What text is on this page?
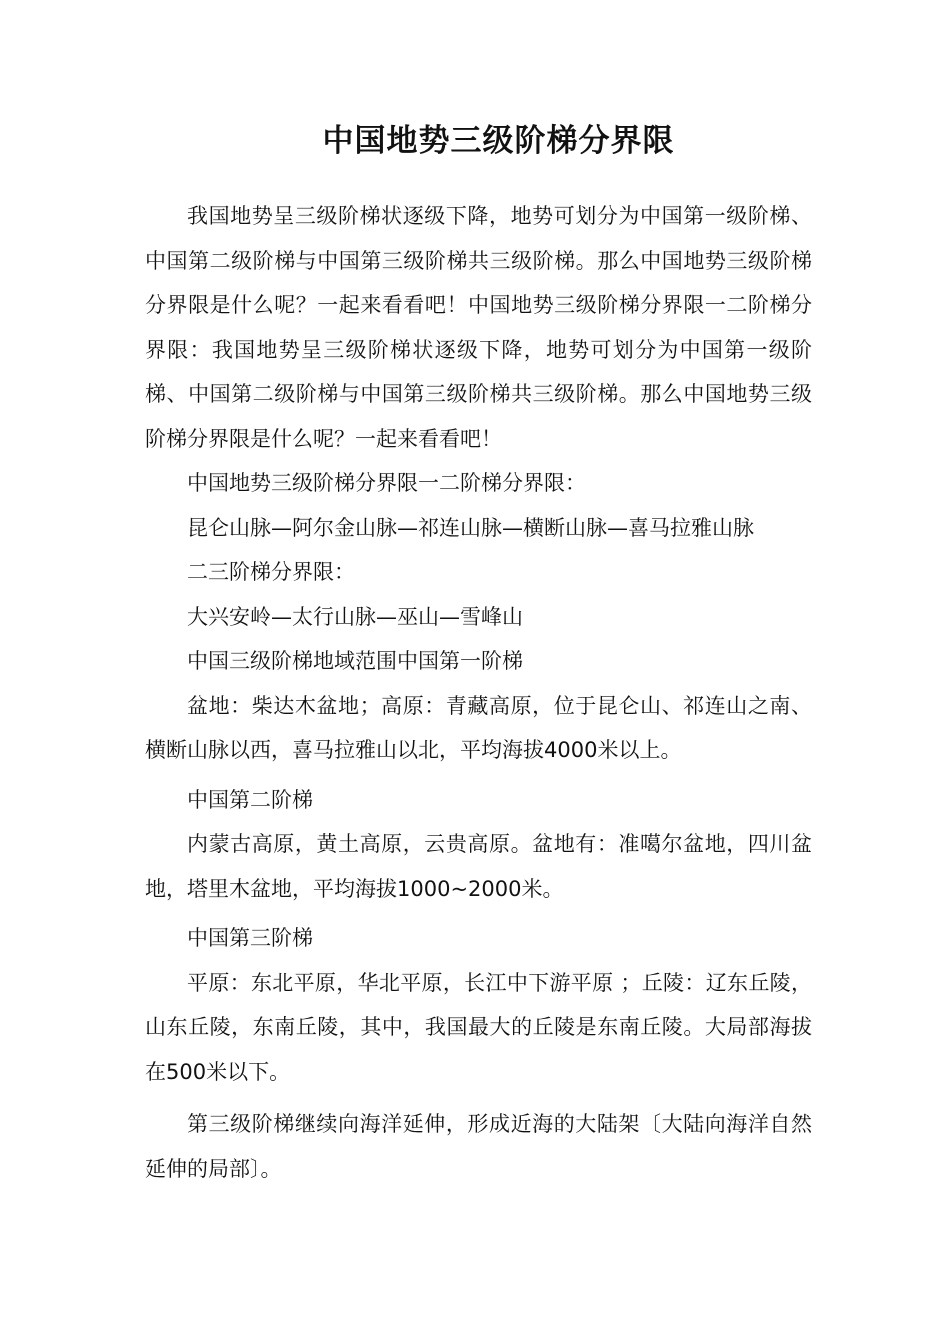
中国地势三级阶梯分界限

我国地势呈三级阶梯状逐级下降，地势可划分为中国第一级阶梯、中国第二级阶梯与中国第三级阶梯共三级阶梯。那么中国地势三级阶梯分界限是什么呢？一起来看看吧！中国地势三级阶梯分界限一二阶梯分界限：我国地势呈三级阶梯状逐级下降，地势可划分为中国第一级阶梯、中国第二级阶梯与中国第三级阶梯共三级阶梯。那么中国地势三级阶梯分界限是什么呢？一起来看看吧！

中国地势三级阶梯分界限一二阶梯分界限：

昆仑山脉—阿尔金山脉—祁连山脉—横断山脉—喜马拉雅山脉

二三阶梯分界限：

大兴安岭—太行山脉—巫山—雪峰山

中国三级阶梯地域范围中国第一阶梯

盆地：柴达木盆地；高原：青藏高原，位于昆仑山、祁连山之南、横断山脉以西，喜马拉雅山以北，平均海拔4000米以上。

中国第二阶梯

内蒙古高原，黄土高原，云贵高原。盆地有：准噶尔盆地，四川盆地，塔里木盆地，平均海拔1000~2000米。

中国第三阶梯

平原：东北平原，华北平原，长江中下游平原 ；丘陵：辽东丘陵，山东丘陵，东南丘陵，其中，我国最大的丘陵是东南丘陵。大局部海拔在500米以下。

第三级阶梯继续向海洋延伸，形成近海的大陆架〔大陆向海洋自然延伸的局部〕。
